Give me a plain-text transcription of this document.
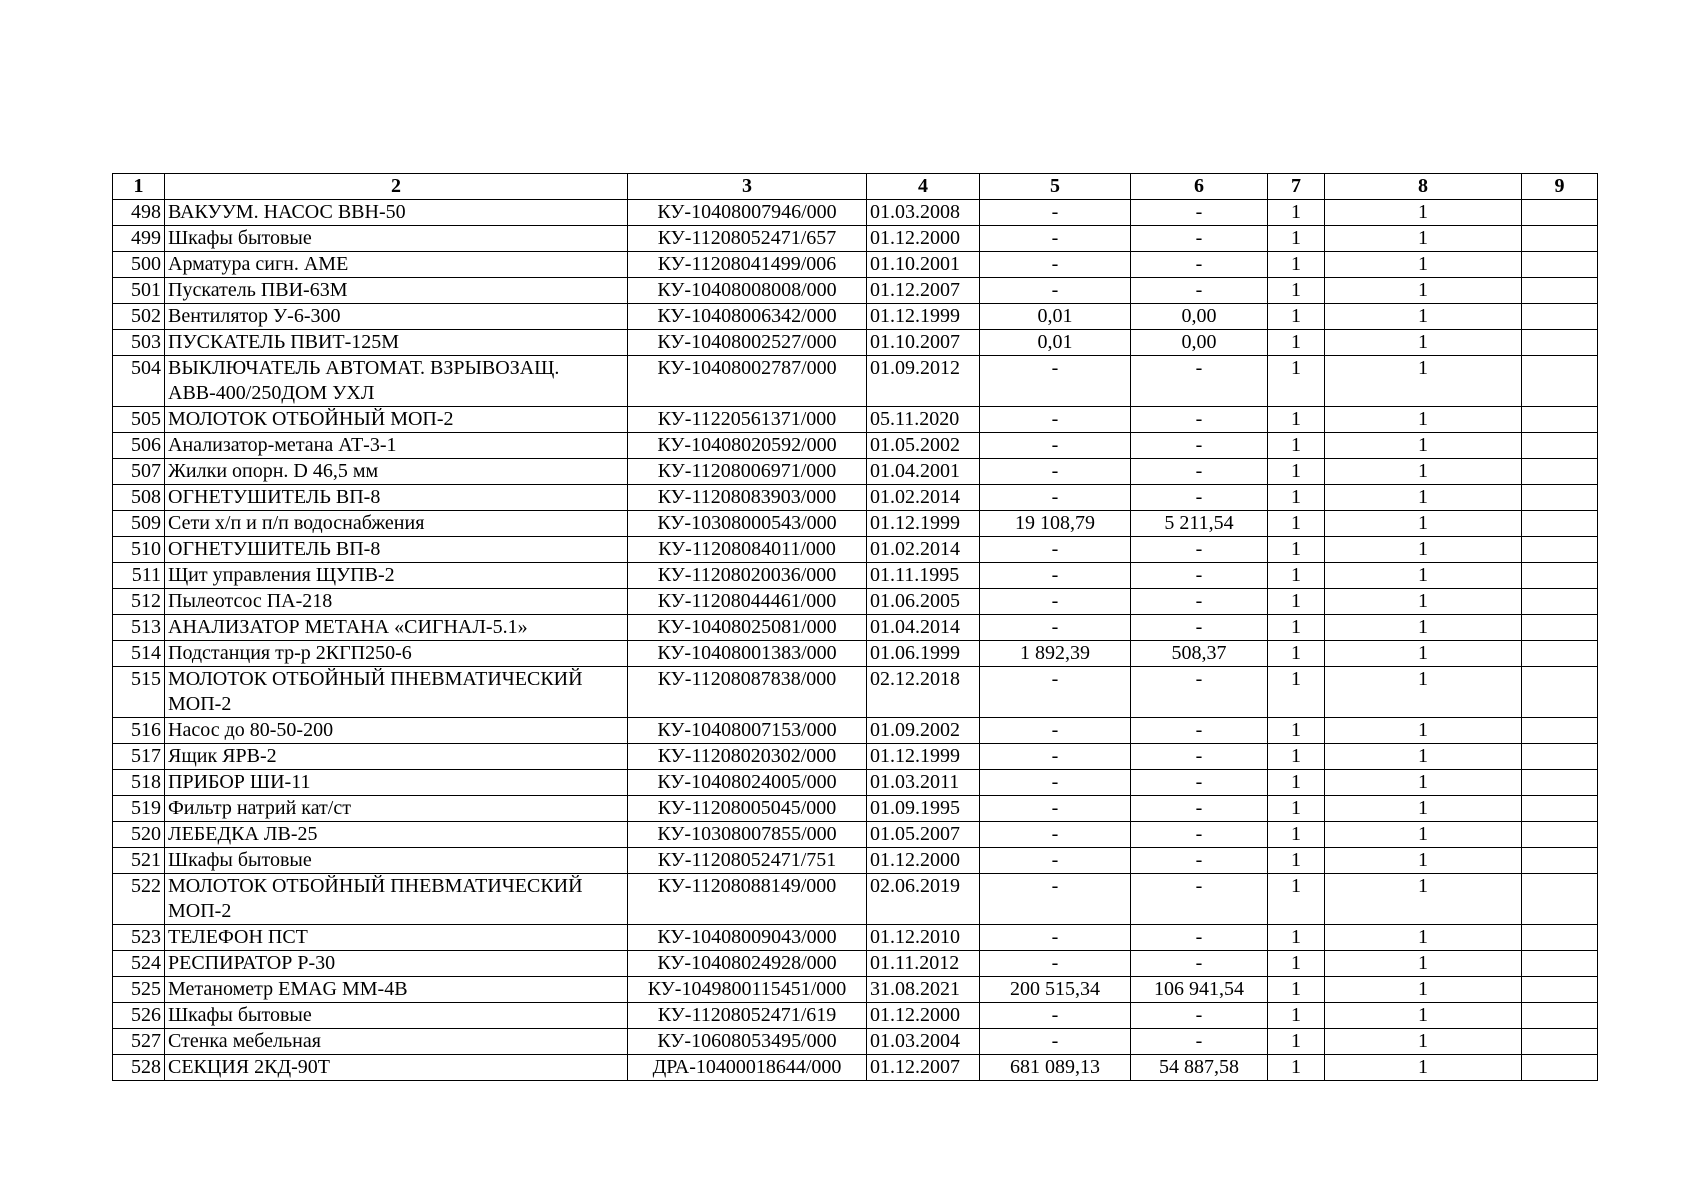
1	2	3	4	5	6	7	8	9
498	ВАКУУМ. НАСОС ВВН-50	КУ-10408007946/000	01.03.2008	-	-	1	1	
499	Шкафы бытовые	КУ-11208052471/657	01.12.2000	-	-	1	1	
500	Арматура сигн. АМЕ	КУ-11208041499/006	01.10.2001	-	-	1	1	
501	Пускатель ПВИ-63М	КУ-10408008008/000	01.12.2007	-	-	1	1	
502	Вентилятор У-6-300	КУ-10408006342/000	01.12.1999	0,01	0,00	1	1	
503	ПУСКАТЕЛЬ ПВИТ-125М	КУ-10408002527/000	01.10.2007	0,01	0,00	1	1	
504	ВЫКЛЮЧАТЕЛЬ АВТОМАТ. ВЗРЫВОЗАЩ. АВВ-400/250ДОМ УХЛ	КУ-10408002787/000	01.09.2012	-	-	1	1	
505	МОЛОТОК ОТБОЙНЫЙ МОП-2	КУ-11220561371/000	05.11.2020	-	-	1	1	
506	Анализатор-метана АТ-3-1	КУ-10408020592/000	01.05.2002	-	-	1	1	
507	Жилки опорн. D 46,5 мм	КУ-11208006971/000	01.04.2001	-	-	1	1	
508	ОГНЕТУШИТЕЛЬ ВП-8	КУ-11208083903/000	01.02.2014	-	-	1	1	
509	Сети х/п и п/п водоснабжения	КУ-10308000543/000	01.12.1999	19 108,79	5 211,54	1	1	
510	ОГНЕТУШИТЕЛЬ ВП-8	КУ-11208084011/000	01.02.2014	-	-	1	1	
511	Щит управления ЩУПВ-2	КУ-11208020036/000	01.11.1995	-	-	1	1	
512	Пылеотсос ПА-218	КУ-11208044461/000	01.06.2005	-	-	1	1	
513	АНАЛИЗАТОР МЕТАНА «СИГНАЛ-5.1»	КУ-10408025081/000	01.04.2014	-	-	1	1	
514	Подстанция тр-р 2КГП250-6	КУ-10408001383/000	01.06.1999	1 892,39	508,37	1	1	
515	МОЛОТОК ОТБОЙНЫЙ ПНЕВМАТИЧЕСКИЙ МОП-2	КУ-11208087838/000	02.12.2018	-	-	1	1	
516	Насос до 80-50-200	КУ-10408007153/000	01.09.2002	-	-	1	1	
517	Ящик ЯРВ-2	КУ-11208020302/000	01.12.1999	-	-	1	1	
518	ПРИБОР ШИ-11	КУ-10408024005/000	01.03.2011	-	-	1	1	
519	Фильтр натрий кат/ст	КУ-11208005045/000	01.09.1995	-	-	1	1	
520	ЛЕБЕДКА ЛВ-25	КУ-10308007855/000	01.05.2007	-	-	1	1	
521	Шкафы бытовые	КУ-11208052471/751	01.12.2000	-	-	1	1	
522	МОЛОТОК ОТБОЙНЫЙ ПНЕВМАТИЧЕСКИЙ МОП-2	КУ-11208088149/000	02.06.2019	-	-	1	1	
523	ТЕЛЕФОН ПСТ	КУ-10408009043/000	01.12.2010	-	-	1	1	
524	РЕСПИРАТОР Р-30	КУ-10408024928/000	01.11.2012	-	-	1	1	
525	Метанометр EMAG MM-4B	КУ-1049800115451/000	31.08.2021	200 515,34	106 941,54	1	1	
526	Шкафы бытовые	КУ-11208052471/619	01.12.2000	-	-	1	1	
527	Стенка мебельная	КУ-10608053495/000	01.03.2004	-	-	1	1	
528	СЕКЦИЯ 2КД-90Т	ДРА-10400018644/000	01.12.2007	681 089,13	54 887,58	1	1	
